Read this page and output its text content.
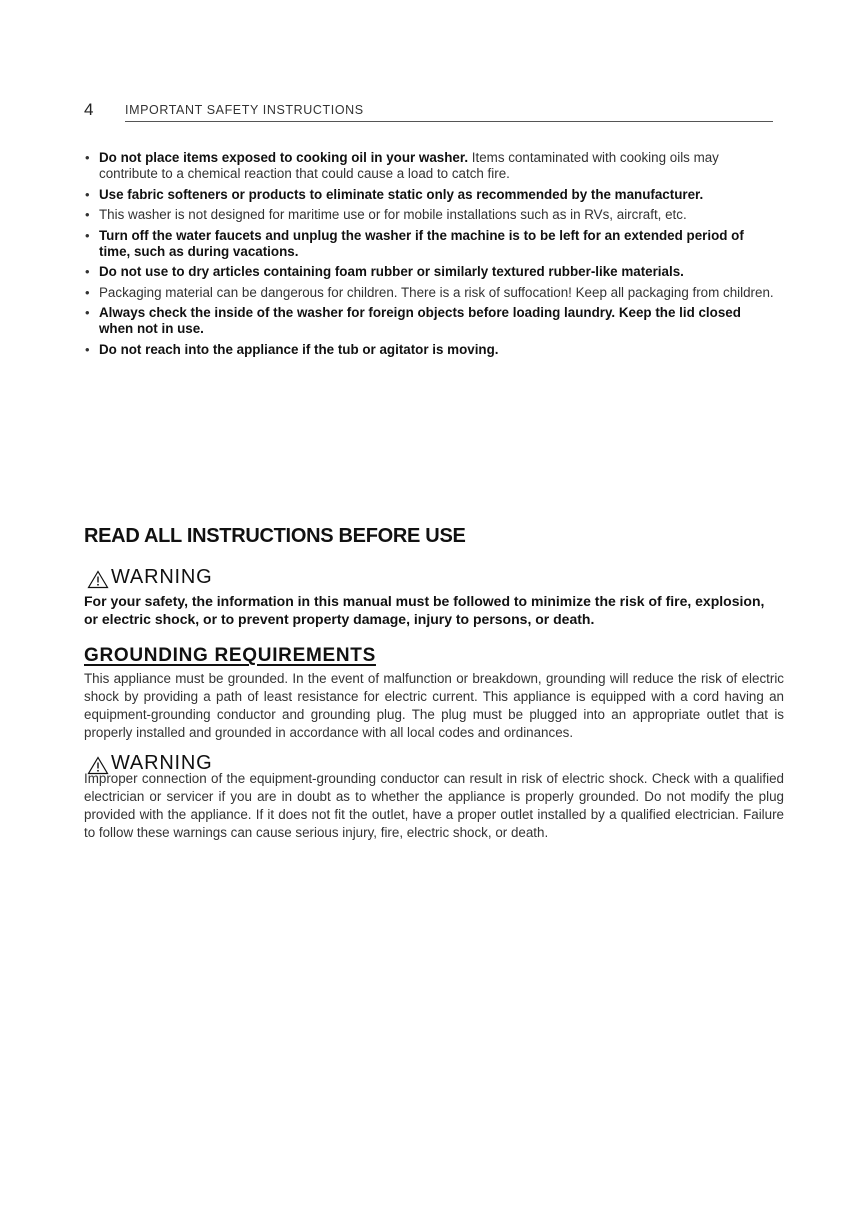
4	IMPORTANT SAFETY INSTRUCTIONS
• Do not place items exposed to cooking oil in your washer. Items contaminated with cooking oils may contribute to a chemical reaction that could cause a load to catch fire.
• Use fabric softeners or products to eliminate static only as recommended by the manufacturer.
• This washer is not designed for maritime use or for mobile installations such as in RVs, aircraft, etc.
• Turn off the water faucets and unplug the washer if the machine is to be left for an extended period of time, such as during vacations.
• Do not use to dry articles containing foam rubber or similarly textured rubber-like materials.
• Packaging material can be dangerous for children. There is a risk of suffocation! Keep all packaging from children.
• Always check the inside of the washer for foreign objects before loading laundry. Keep the lid closed when not in use.
• Do not reach into the appliance if the tub or agitator is moving.
READ ALL INSTRUCTIONS BEFORE USE
WARNING
For your safety, the information in this manual must be followed to minimize the risk of fire, explosion, or electric shock, or to prevent property damage, injury to persons, or death.
GROUNDING REQUIREMENTS
This appliance must be grounded. In the event of malfunction or breakdown, grounding will reduce the risk of electric shock by providing a path of least resistance for electric current. This appliance is equipped with a cord having an equipment-grounding conductor and grounding plug. The plug must be plugged into an appropriate outlet that is properly installed and grounded in accordance with all local codes and ordinances.
WARNING
Improper connection of the equipment-grounding conductor can result in risk of electric shock. Check with a qualified electrician or servicer if you are in doubt as to whether the appliance is properly grounded. Do not modify the plug provided with the appliance. If it does not fit the outlet, have a proper outlet installed by a qualified electrician. Failure to follow these warnings can cause serious injury, fire, electric shock, or death.
